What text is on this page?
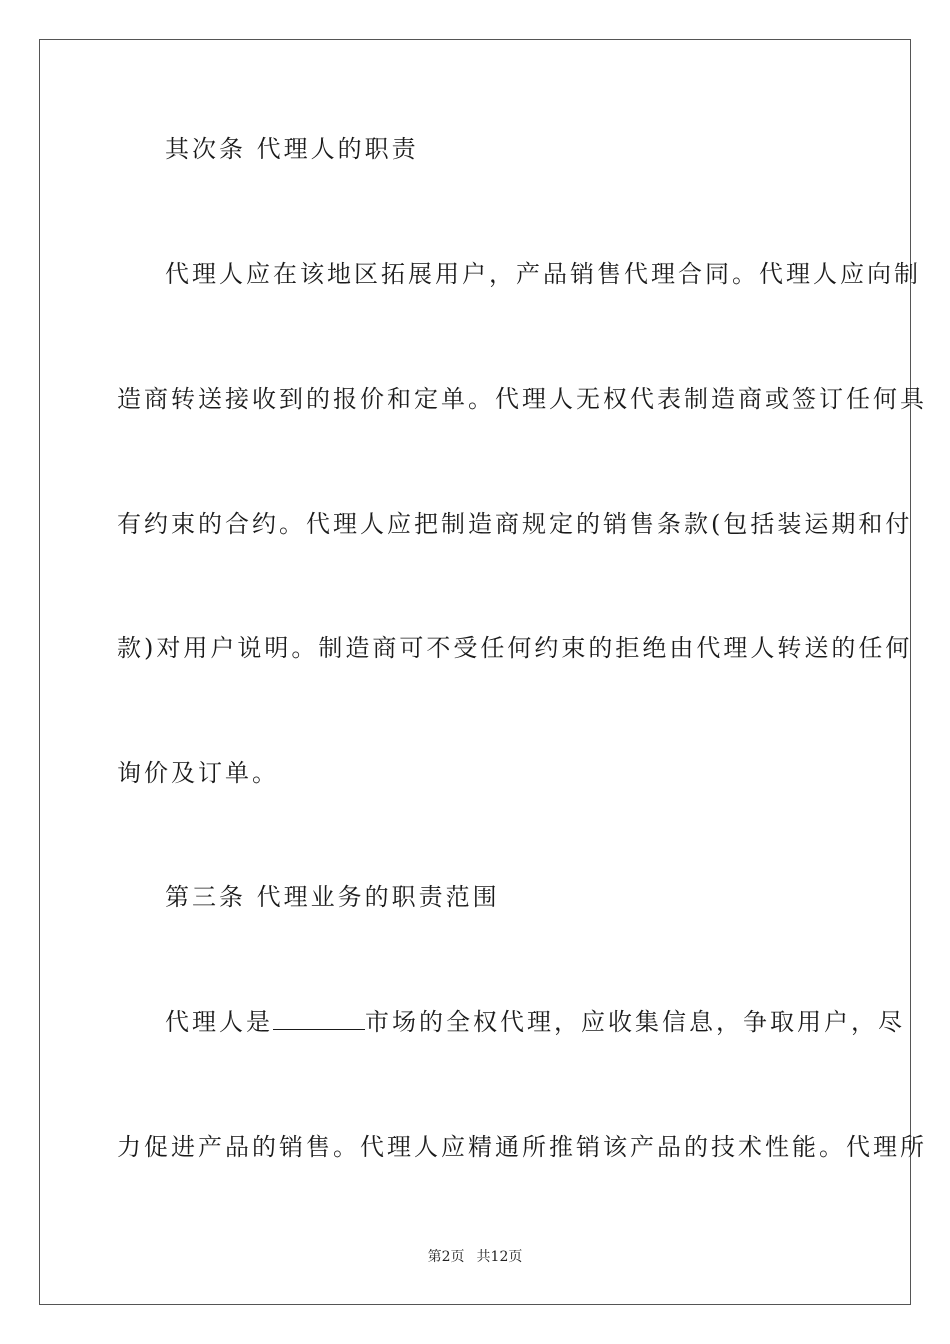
其次条 代理人的职责
代理人应在该地区拓展用户，产品销售代理合同。代理人应向制
造商转送接收到的报价和定单。代理人无权代表制造商或签订任何具
有约束的合约。代理人应把制造商规定的销售条款(包括装运期和付
款)对用户说明。制造商可不受任何约束的拒绝由代理人转送的任何
询价及订单。
第三条 代理业务的职责范围
代理人是	市场的全权代理，应收集信息，争取用户，尽
力促进产品的销售。代理人应精通所推销该产品的技术性能。代理所
第2页 共12页
